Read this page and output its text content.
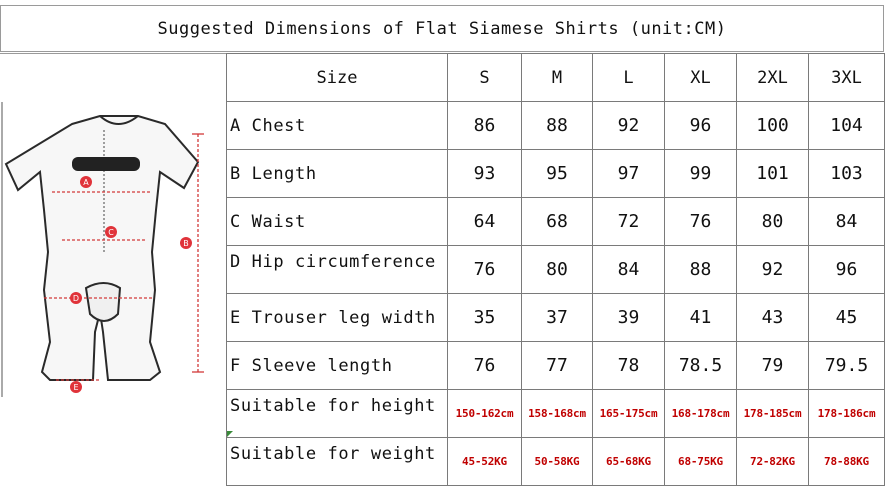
Suggested Dimensions of Flat Siamese Shirts (unit:CM)
A
B
C
D
E
Size	S	M	L	XL	2XL	3XL
A Chest	86	88	92	96	100	104
B Length	93	95	97	99	101	103
C Waist	64	68	72	76	80	84
D Hip circumference	76	80	84	88	92	96
E Trouser leg width	35	37	39	41	43	45
F Sleeve length	76	77	78	78.5	79	79.5

Suitable for height	150-162cm	158-168cm	165-175cm	168-178cm	178-185cm	178-186cm
Suitable for weight	45-52KG	50-58KG	65-68KG	68-75KG	72-82KG	78-88KG
